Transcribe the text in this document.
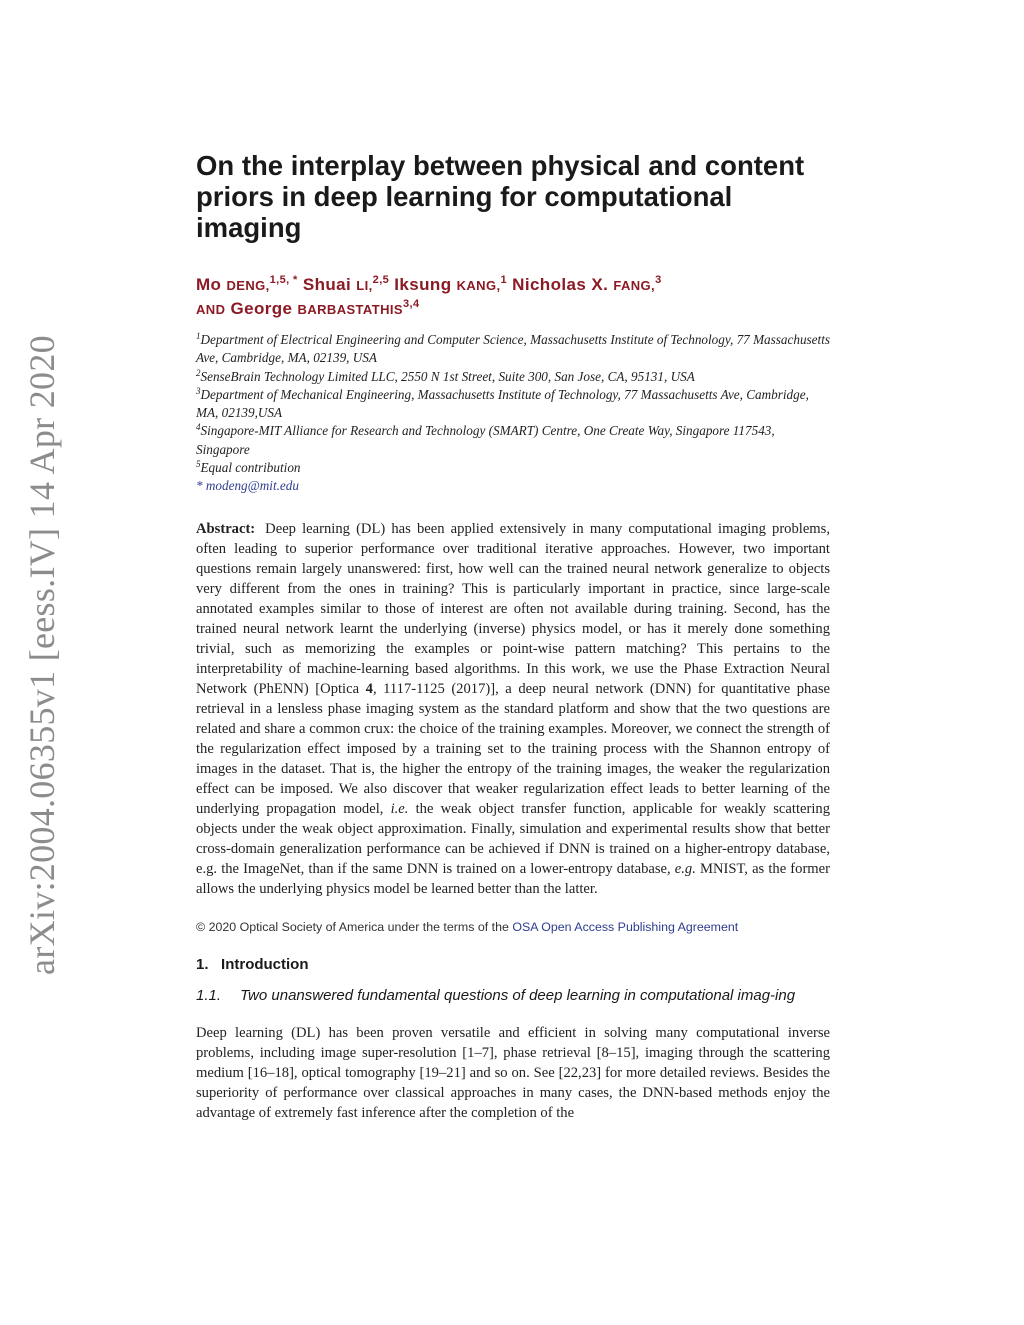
arXiv:2004.06355v1 [eess.IV] 14 Apr 2020
On the interplay between physical and content priors in deep learning for computational imaging
Mo DENG,$^{1,5, *}$ Shuai LI,$^{2,5}$ Iksung KANG,$^1$ Nicholas X. FANG,$^3$
AND George BARBASTATHIS$^{3,4}$
$^1$Department of Electrical Engineering and Computer Science, Massachusetts Institute of Technology, 77 Massachusetts Ave, Cambridge, MA, 02139, USA
$^2$SenseBrain Technology Limited LLC, 2550 N 1st Street, Suite 300, San Jose, CA, 95131, USA
$^3$Department of Mechanical Engineering, Massachusetts Institute of Technology, 77 Massachusetts Ave, Cambridge, MA, 02139,USA
$^4$Singapore-MIT Alliance for Research and Technology (SMART) Centre, One Create Way, Singapore 117543, Singapore
$^5$Equal contribution
* modeng@mit.edu
Abstract: Deep learning (DL) has been applied extensively in many computational imaging problems, often leading to superior performance over traditional iterative approaches. However, two important questions remain largely unanswered: first, how well can the trained neural network generalize to objects very different from the ones in training? This is particularly important in practice, since large-scale annotated examples similar to those of interest are often not available during training. Second, has the trained neural network learnt the underlying (inverse) physics model, or has it merely done something trivial, such as memorizing the examples or point-wise pattern matching? This pertains to the interpretability of machine-learning based algorithms. In this work, we use the Phase Extraction Neural Network (PhENN) [Optica 4, 1117-1125 (2017)], a deep neural network (DNN) for quantitative phase retrieval in a lensless phase imaging system as the standard platform and show that the two questions are related and share a common crux: the choice of the training examples. Moreover, we connect the strength of the regularization effect imposed by a training set to the training process with the Shannon entropy of images in the dataset. That is, the higher the entropy of the training images, the weaker the regularization effect can be imposed. We also discover that weaker regularization effect leads to better learning of the underlying propagation model, i.e. the weak object transfer function, applicable for weakly scattering objects under the weak object approximation. Finally, simulation and experimental results show that better cross-domain generalization performance can be achieved if DNN is trained on a higher-entropy database, e.g. the ImageNet, than if the same DNN is trained on a lower-entropy database, e.g. MNIST, as the former allows the underlying physics model be learned better than the latter.
© 2020 Optical Society of America under the terms of the OSA Open Access Publishing Agreement
1. Introduction
1.1.	Two unanswered fundamental questions of deep learning in computational imag-ing
Deep learning (DL) has been proven versatile and efficient in solving many computational inverse problems, including image super-resolution [1–7], phase retrieval [8–15], imaging through the scattering medium [16–18], optical tomography [19–21] and so on. See [22,23] for more detailed reviews. Besides the superiority of performance over classical approaches in many cases, the DNN-based methods enjoy the advantage of extremely fast inference after the completion of the
